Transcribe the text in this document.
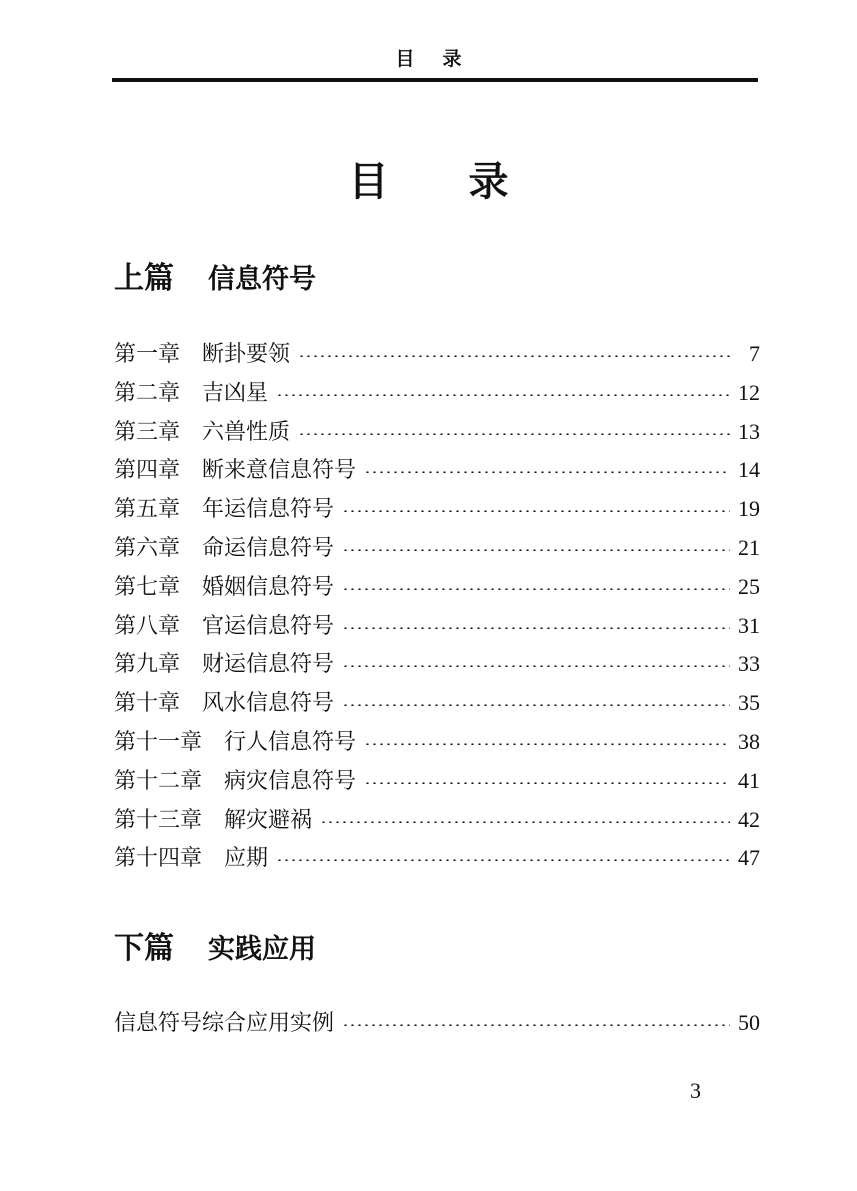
目 录
目 录
上篇 信息符号
第一章 断卦要领	7
第二章 吉凶星	12
第三章 六兽性质	13
第四章 断来意信息符号	14
第五章 年运信息符号	19
第六章 命运信息符号	21
第七章 婚姻信息符号	25
第八章 官运信息符号	31
第九章 财运信息符号	33
第十章 风水信息符号	35
第十一章 行人信息符号	38
第十二章 病灾信息符号	41
第十三章 解灾避祸	42
第十四章 应期	47
下篇 实践应用
信息符号综合应用实例	50
3
